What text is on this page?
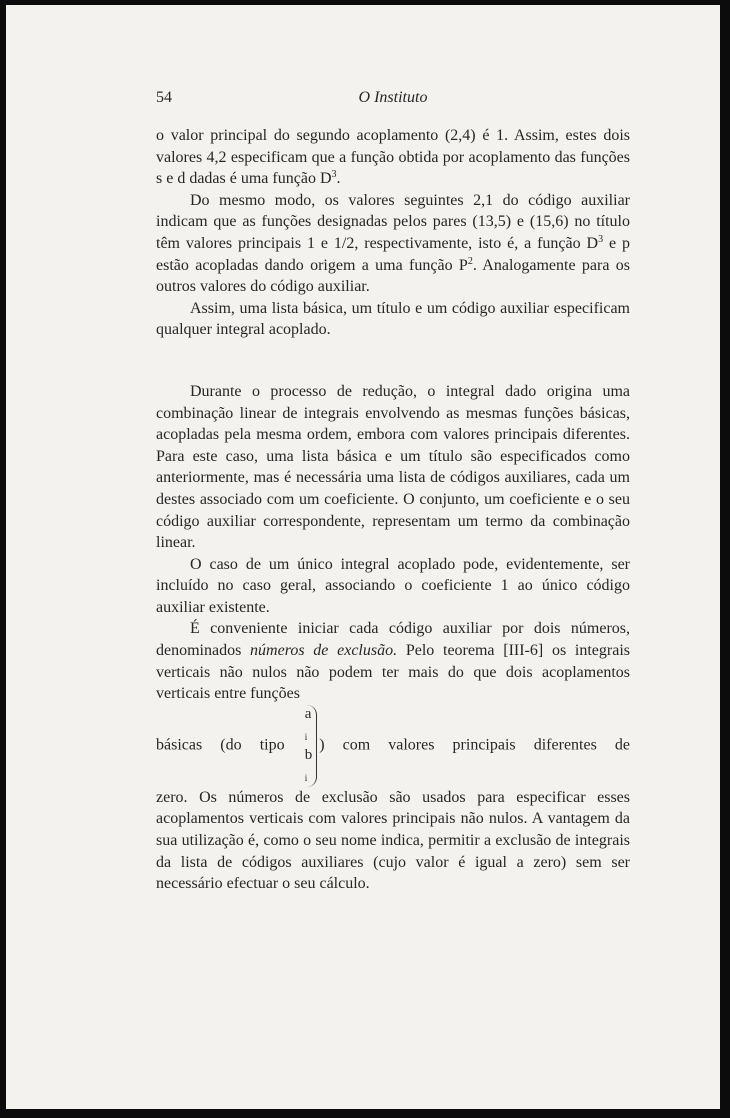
54	O Instituto

o valor principal do segundo acoplamento (2,4) é 1. Assim, estes dois valores 4,2 especificam que a função obtida por acoplamento das funções s e d dadas é uma função $D^3$.

Do mesmo modo, os valores seguintes 2,1 do código auxiliar indicam que as funções designadas pelos pares (13,5) e (15,6) no título têm valores principais 1 e 1/2, respectivamente, isto é, a função $D^3$ e p estão acopladas dando origem a uma função $P^2$. Analogamente para os outros valores do código auxiliar.

Assim, uma lista básica, um título e um código auxiliar especificam qualquer integral acoplado.

Durante o processo de redução, o integral dado origina uma combinação linear de integrais envolvendo as mesmas funções básicas, acopladas pela mesma ordem, embora com valores principais diferentes. Para este caso, uma lista básica e um título são especificados como anteriormente, mas é necessária uma lista de códigos auxiliares, cada um destes associado com um coeficiente. O conjunto, um coeficiente e o seu código auxiliar correspondente, representam um termo da combinação linear.

O caso de um único integral acoplado pode, evidentemente, ser incluído no caso geral, associando o coeficiente 1 ao único código auxiliar existente.

É conveniente iniciar cada código auxiliar por dois números, denominados números de exclusão. Pelo teorema [III-6] os integrais verticais não nulos não podem ter mais do que dois acoplamentos verticais entre funções

básicas (do tipo
a
$_i$
b
$_i$
) com valores principais diferentes de

zero. Os números de exclusão são usados para especificar esses acoplamentos verticais com valores principais não nulos. A vantagem da sua utilização é, como o seu nome indica, permitir a exclusão de integrais da lista de códigos auxiliares (cujo valor é igual a zero) sem ser necessário efectuar o seu cálculo.
